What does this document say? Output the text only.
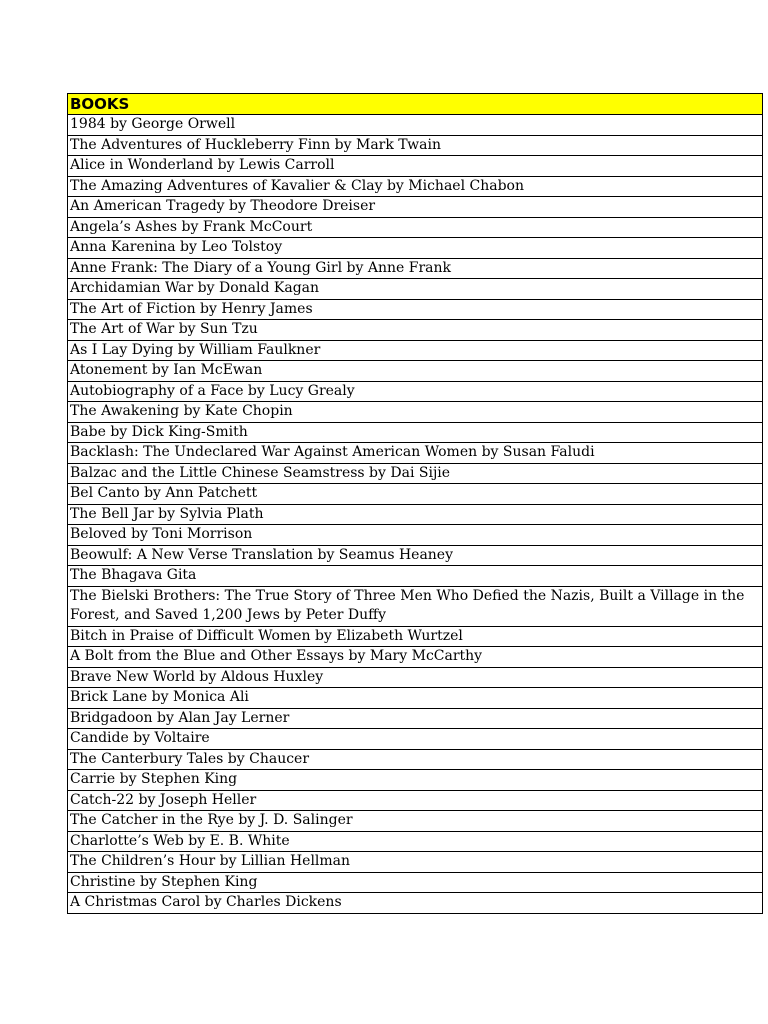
BOOKS
1984 by George Orwell
The Adventures of Huckleberry Finn by Mark Twain
Alice in Wonderland by Lewis Carroll
The Amazing Adventures of Kavalier & Clay by Michael Chabon
An American Tragedy by Theodore Dreiser
Angela’s Ashes by Frank McCourt
Anna Karenina by Leo Tolstoy
Anne Frank: The Diary of a Young Girl by Anne Frank
Archidamian War by Donald Kagan
The Art of Fiction by Henry James
The Art of War by Sun Tzu
As I Lay Dying by William Faulkner
Atonement by Ian McEwan
Autobiography of a Face by Lucy Grealy
The Awakening by Kate Chopin
Babe by Dick King-Smith
Backlash: The Undeclared War Against American Women by Susan Faludi
Balzac and the Little Chinese Seamstress by Dai Sijie
Bel Canto by Ann Patchett
The Bell Jar by Sylvia Plath
Beloved by Toni Morrison
Beowulf: A New Verse Translation by Seamus Heaney
The Bhagava Gita
The Bielski Brothers: The True Story of Three Men Who Defied the Nazis, Built a Village in the Forest, and Saved 1,200 Jews by Peter Duffy
Bitch in Praise of Difficult Women by Elizabeth Wurtzel
A Bolt from the Blue and Other Essays by Mary McCarthy
Brave New World by Aldous Huxley
Brick Lane by Monica Ali
Bridgadoon by Alan Jay Lerner
Candide by Voltaire
The Canterbury Tales by Chaucer
Carrie by Stephen King
Catch-22 by Joseph Heller
The Catcher in the Rye by J. D. Salinger
Charlotte’s Web by E. B. White
The Children’s Hour by Lillian Hellman
Christine by Stephen King
A Christmas Carol by Charles Dickens
